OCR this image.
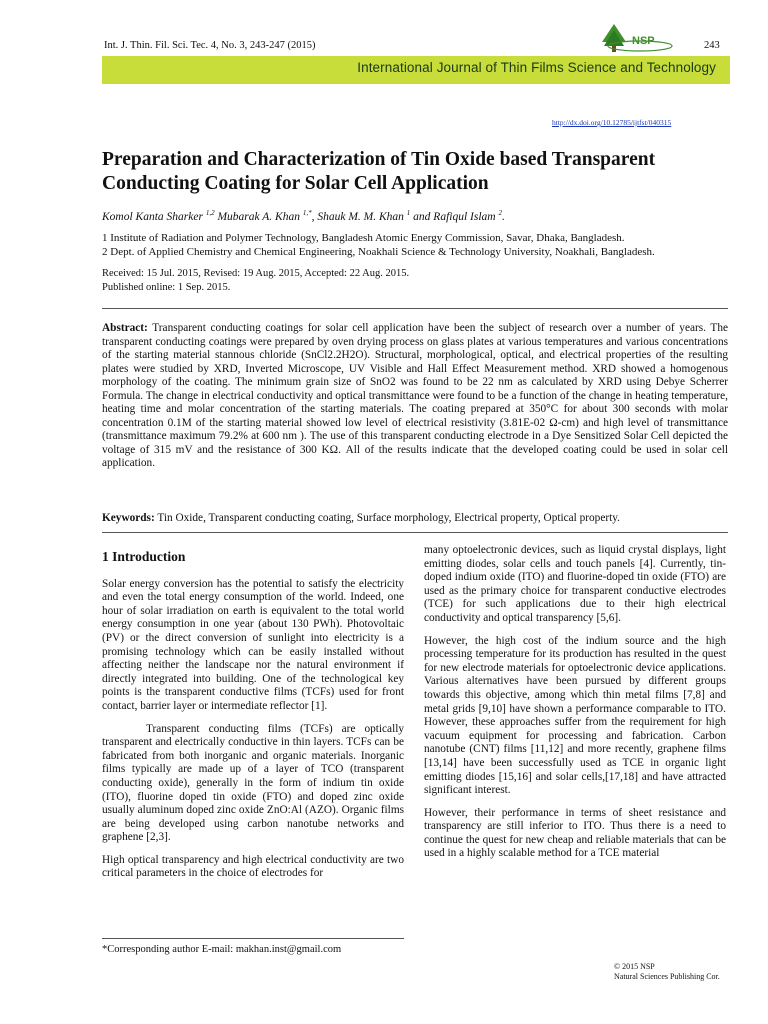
Int. J. Thin. Fil. Sci. Tec. 4, No. 3, 243-247 (2015)	NSP	243
International Journal of Thin Films Science and Technology
http://dx.doi.org/10.12785/ijtfst/040315
Preparation and Characterization of Tin Oxide based Transparent Conducting Coating for Solar Cell Application
Komol Kanta Sharker $^{1,2}$ Mubarak A. Khan $^{1,*}$, Shauk M. M. Khan $^1$ and Rafiqul Islam $^2$.
1 Institute of Radiation and Polymer Technology, Bangladesh Atomic Energy Commission, Savar, Dhaka, Bangladesh.
2 Dept. of Applied Chemistry and Chemical Engineering, Noakhali Science & Technology University, Noakhali, Bangladesh.
Received: 15 Jul. 2015, Revised: 19 Aug. 2015, Accepted: 22 Aug. 2015.
Published online: 1 Sep. 2015.
Abstract: Transparent conducting coatings for solar cell application have been the subject of research over a number of years. The transparent conducting coatings were prepared by oven drying process on glass plates at various temperatures and various concentrations of the starting material stannous chloride (SnCl2.2H2O). Structural, morphological, optical, and electrical properties of the resulting plates were studied by XRD, Inverted Microscope, UV Visible and Hall Effect Measurement method. XRD showed a homogenous morphology of the coating. The minimum grain size of SnO2 was found to be 22 nm as calculated by XRD using Debye Scherrer Formula. The change in electrical conductivity and optical transmittance were found to be a function of the change in heating temperature, heating time and molar concentration of the starting materials. The coating prepared at 350°C for about 300 seconds with molar concentration 0.1M of the starting material showed low level of electrical resistivity (3.81E-02 Ω-cm) and high level of transmittance (transmittance maximum 79.2% at 600 nm ). The use of this transparent conducting electrode in a Dye Sensitized Solar Cell depicted the voltage of 315 mV and the resistance of 300 KΩ. All of the results indicate that the developed coating could be used in solar cell application.
Keywords: Tin Oxide, Transparent conducting coating, Surface morphology, Electrical property, Optical property.
1 Introduction

Solar energy conversion has the potential to satisfy the electricity and even the total energy consumption of the world. Indeed, one hour of solar irradiation on earth is equivalent to the total world energy consumption in one year (about 130 PWh). Photovoltaic (PV) or the direct conversion of sunlight into electricity is a promising technology which can be easily installed without affecting neither the landscape nor the natural environment if directly integrated into building. One of the technological key points is the transparent conductive films (TCFs) used for front contact, barrier layer or intermediate reflector [1].

Transparent conducting films (TCFs) are optically transparent and electrically conductive in thin layers. TCFs can be fabricated from both inorganic and organic materials. Inorganic films typically are made up of a layer of TCO (transparent conducting oxide), generally in the form of indium tin oxide (ITO), fluorine doped tin oxide (FTO) and doped zinc oxide usually aluminum doped zinc oxide ZnO:Al (AZO). Organic films are being developed using carbon nanotube networks and graphene [2,3].

High optical transparency and high electrical conductivity are two critical parameters in the choice of electrodes for

many optoelectronic devices, such as liquid crystal displays, light emitting diodes, solar cells and touch panels [4]. Currently, tin-doped indium oxide (ITO) and fluorine-doped tin oxide (FTO) are used as the primary choice for transparent conductive electrodes (TCE) for such applications due to their high electrical conductivity and optical transparency [5,6].

However, the high cost of the indium source and the high processing temperature for its production has resulted in the quest for new electrode materials for optoelectronic device applications. Various alternatives have been pursued by different groups towards this objective, among which thin metal films [7,8] and metal grids [9,10] have shown a performance comparable to ITO. However, these approaches suffer from the requirement for high vacuum equipment for processing and fabrication. Carbon nanotube (CNT) films [11,12] and more recently, graphene films [13,14] have been successfully used as TCE in organic light emitting diodes [15,16] and solar cells,[17,18] and have attracted significant interest.

However, their performance in terms of sheet resistance and transparency are still inferior to ITO. Thus there is a need to continue the quest for new cheap and reliable materials that can be used in a highly scalable method for a TCE material

*Corresponding author E-mail: makhan.inst@gmail.com
© 2015 NSP
Natural Sciences Publishing Cor.
